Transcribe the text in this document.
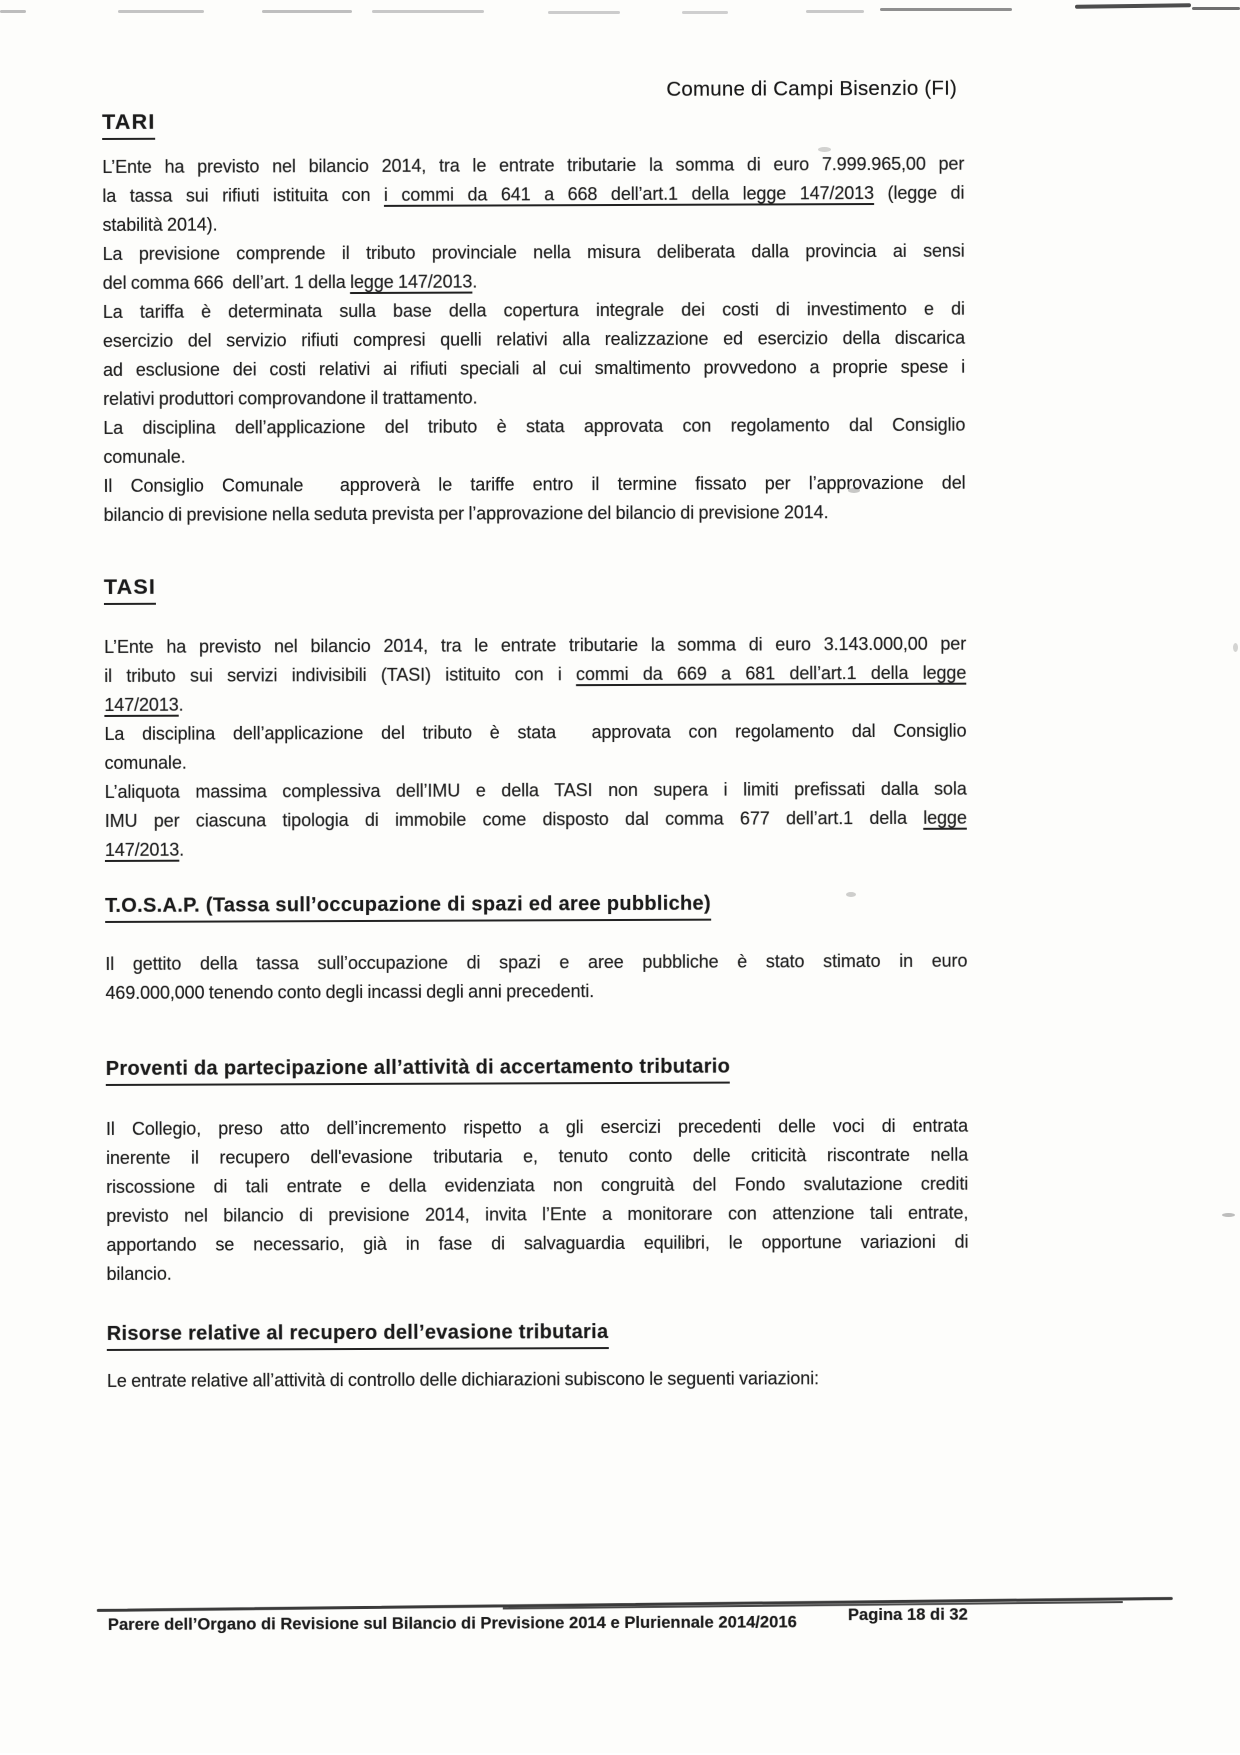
Comune di Campi Bisenzio (FI)
TARI
L’Ente ha previsto nel bilancio 2014, tra le entrate tributarie la somma di euro 7.999.965,00 per
la tassa sui rifiuti istituita con i commi da 641 a 668 dell’art.1 della legge 147/2013 (legge di
stabilità 2014).
La previsione comprende il tributo provinciale nella misura deliberata dalla provincia ai sensi
del comma 666  dell’art. 1 della legge 147/2013.
La tariffa è determinata sulla base della copertura integrale dei costi di investimento e di
esercizio del servizio rifiuti compresi quelli relativi alla realizzazione ed esercizio della discarica
ad esclusione dei costi relativi ai rifiuti speciali al cui smaltimento provvedono a proprie spese i
relativi produttori comprovandone il trattamento.
La disciplina dell’applicazione del tributo è stata approvata con regolamento dal Consiglio
comunale.
Il Consiglio Comunale  approverà le tariffe entro il termine fissato per l’approvazione del
bilancio di previsione nella seduta prevista per l’approvazione del bilancio di previsione 2014.
TASI
L’Ente ha previsto nel bilancio 2014, tra le entrate tributarie la somma di euro 3.143.000,00 per
il tributo sui servizi indivisibili (TASI) istituito con i commi da 669 a 681 dell’art.1 della legge
147/2013.
La disciplina dell’applicazione del tributo è stata  approvata con regolamento dal Consiglio
comunale.
L’aliquota massima complessiva dell’IMU e della TASI non supera i limiti prefissati dalla sola
IMU per ciascuna tipologia di immobile come disposto dal comma 677 dell’art.1 della legge
147/2013.
T.O.S.A.P. (Tassa sull’occupazione di spazi ed aree pubbliche)
Il gettito della tassa sull’occupazione di spazi e aree pubbliche è stato stimato in euro
469.000,000 tenendo conto degli incassi degli anni precedenti.
Proventi da partecipazione all’attività di accertamento tributario
Il Collegio, preso atto dell’incremento rispetto a gli esercizi precedenti delle voci di entrata
inerente il recupero dell'evasione tributaria e, tenuto conto delle criticità riscontrate nella
riscossione di tali entrate e della evidenziata non congruità del Fondo svalutazione crediti
previsto nel bilancio di previsione 2014, invita l’Ente a monitorare con attenzione tali entrate,
apportando se necessario, già in fase di salvaguardia equilibri, le opportune variazioni di
bilancio.
Risorse relative al recupero dell’evasione tributaria
Le entrate relative all’attività di controllo delle dichiarazioni subiscono le seguenti variazioni:
Parere dell’Organo di Revisione sul Bilancio di Previsione 2014 e Pluriennale 2014/2016	Pagina 18 di 32
